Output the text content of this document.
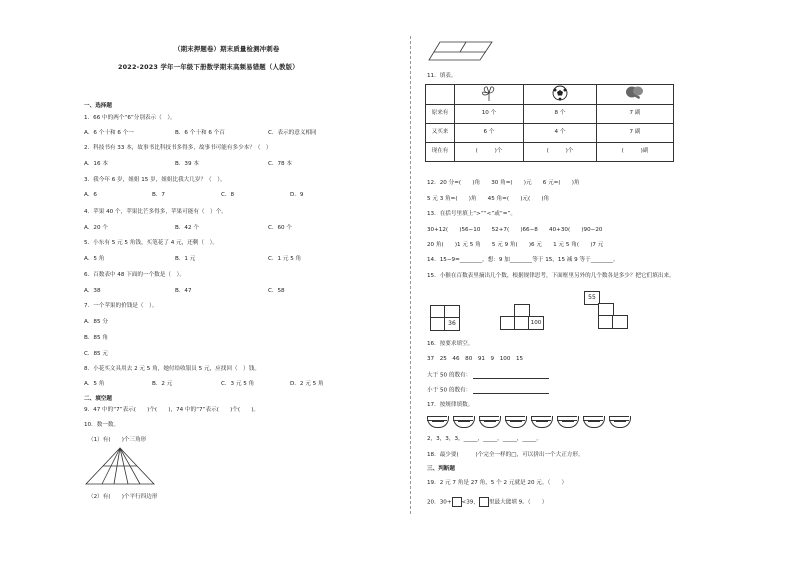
（期末押题卷）期末质量检测冲刺卷
2022-2023 学年一年级下册数学期末高频易错题（人教版）
一、选择题
1．66 中的两个“6”分别表示（　）。
A．6 个十和 6 个一	B．6 个十和 6 个百	C．表示的意义相同
2．科技书有 33 本，故事书比科技书多得多，故事书可能有多少本？（　）
A．16 本	B．39 本	C．78 本
3．我今年 6 岁，姐姐 15 岁，姐姐比我大几岁？（　）。
A．6	B．7	C．8	D．9
4．苹果 40 个，苹果比芒多得多，苹果可能有（　）个。
A．20 个	B．42 个	C．60 个
5．小东有 5 元 5 角钱，买笔花了 4 元，还剩（　）。
A．5 角	B．1 元	C．1 元 5 角
6．百数表中 48 下面的一个数是（　）。
A．38	B．47	C．58
7．一个苹果的价钱是（　）。
A．85 分
B．85 角
C．85 元
8．小花买文具用去 2 元 5 角，她付给收银员 5 元，应找回（　）钱。
A．5 角	B．2 元	C．3 元 5 角	D．2 元 5 角
二、填空题
9．47 中的“7”表示(　　)个(　　)，74 中的“7”表示(　　)个(　　)。
10．数一数。
（1）有(　　)个三角形
（2）有(　　)个平行四边形
11．填表。

原来有	10 个	8 个	7 副
又买来	6 个	4 个	7 副
现在有	(　　　)个	(　　　)个	(　　　)副
12．20 分=(　　)角　　30 角=(　　)元　　6 元=(　　)角
5 元 3 角=(　　)角　　45 角=(　　)元(　　)角
13．在括号里填上“>”“<”或“=”。
30+12(　　)56−10　　52+7(　　)66−8　　40+30(　　)90−20
20 角(　　)1 元 5 角　　5 元 9 角(　　)6 元　　1 元 5 角(　　)7 元
14．15−9=________，想：9 加________等于 15，15 减 9 等于________。
15．小猴在百数表里摘出几个数，根据规律思考，下面框里另外的几个数各是多少？把它们填出来。
36	100
55
16．按要求填空。
37　25　46　80　91　9　100　15
大于 50 的数有：
小于 50 的数有：
17．按规律填数。
2，3，3，3，_____，_____，_____，_____。
18．最少要(　　　)个完全一样的□，可以拼出一个大正方形。
三、判断题
19．2 元 7 角是 27 角，5 个 2 元就是 20 元。（　　）
20．30+ <39， 里最大能填 9。（　　）
